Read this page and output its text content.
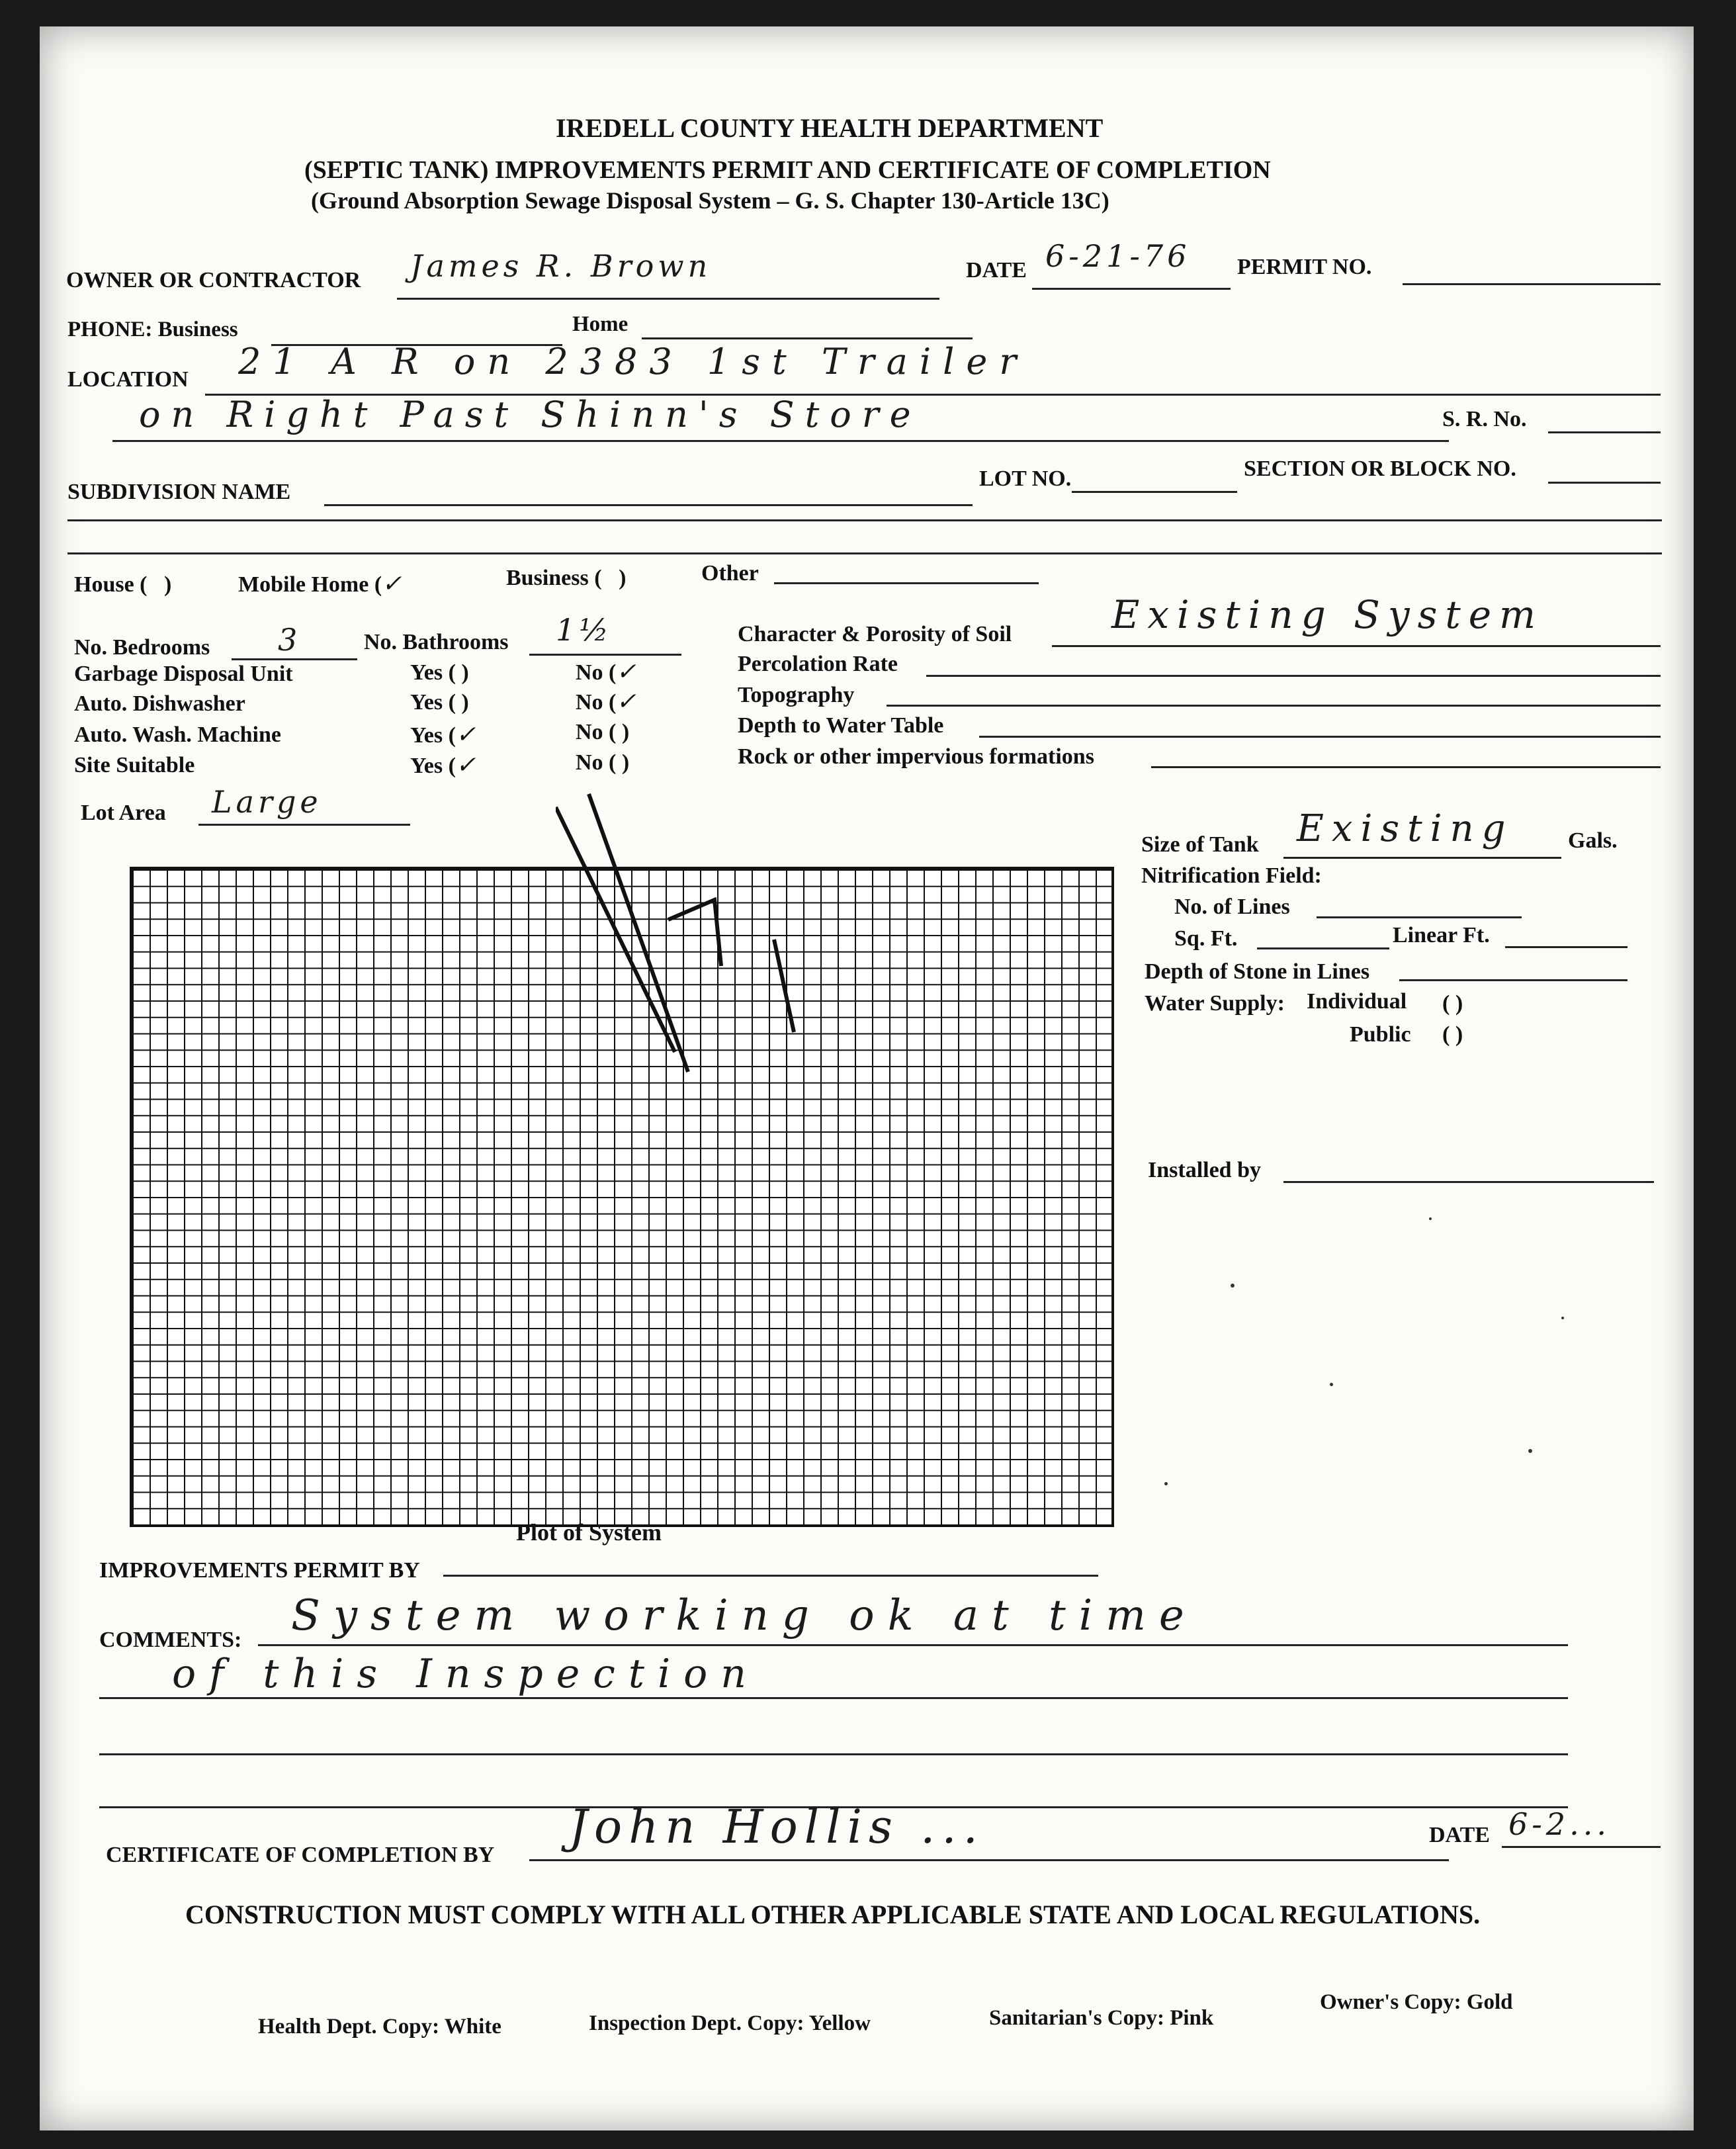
IREDELL COUNTY HEALTH DEPARTMENT
(SEPTIC TANK) IMPROVEMENTS PERMIT AND CERTIFICATE OF COMPLETION
(Ground Absorption Sewage Disposal System – G. S. Chapter 130-Article 13C)
OWNER OR CONTRACTOR James R. Brown	DATE 6-21-76 PERMIT NO.
PHONE: Business	Home
LOCATION 21 A R on 2383 1st Trailer
on Right Past Shinn's Store	S. R. No.
SUBDIVISION NAME
LOT NO.	SECTION OR BLOCK NO.
House ( )	Mobile Home (✓	Business ( )	Other
No. Bedrooms 3	No. Bathrooms 1½
Garbage Disposal Unit	Yes ( )	No (✓
Auto. Dishwasher	Yes ( )	No (✓
Auto. Wash. Machine	Yes (✓	No ( )
Site Suitable	Yes (✓	No ( )
Lot Area Large
Character & Porosity of Soil	Existing System
Percolation Rate
Topography
Depth to Water Table
Rock or other impervious formations
Plot of System
Size of Tank Existing Gals.
Nitrification Field:
No. of Lines
Sq. Ft.	Linear Ft.
Depth of Stone in Lines
Water Supply: Individual ( )
Public ( )
Installed by
IMPROVEMENTS PERMIT BY
COMMENTS: System working ok at time
of this Inspection
CERTIFICATE OF COMPLETION BY
John Hollis ...	DATE 6-2...
CONSTRUCTION MUST COMPLY WITH ALL OTHER APPLICABLE STATE AND LOCAL REGULATIONS.
Health Dept. Copy: White	Inspection Dept. Copy: Yellow	Sanitarian's Copy: Pink
Owner's Copy: Gold
